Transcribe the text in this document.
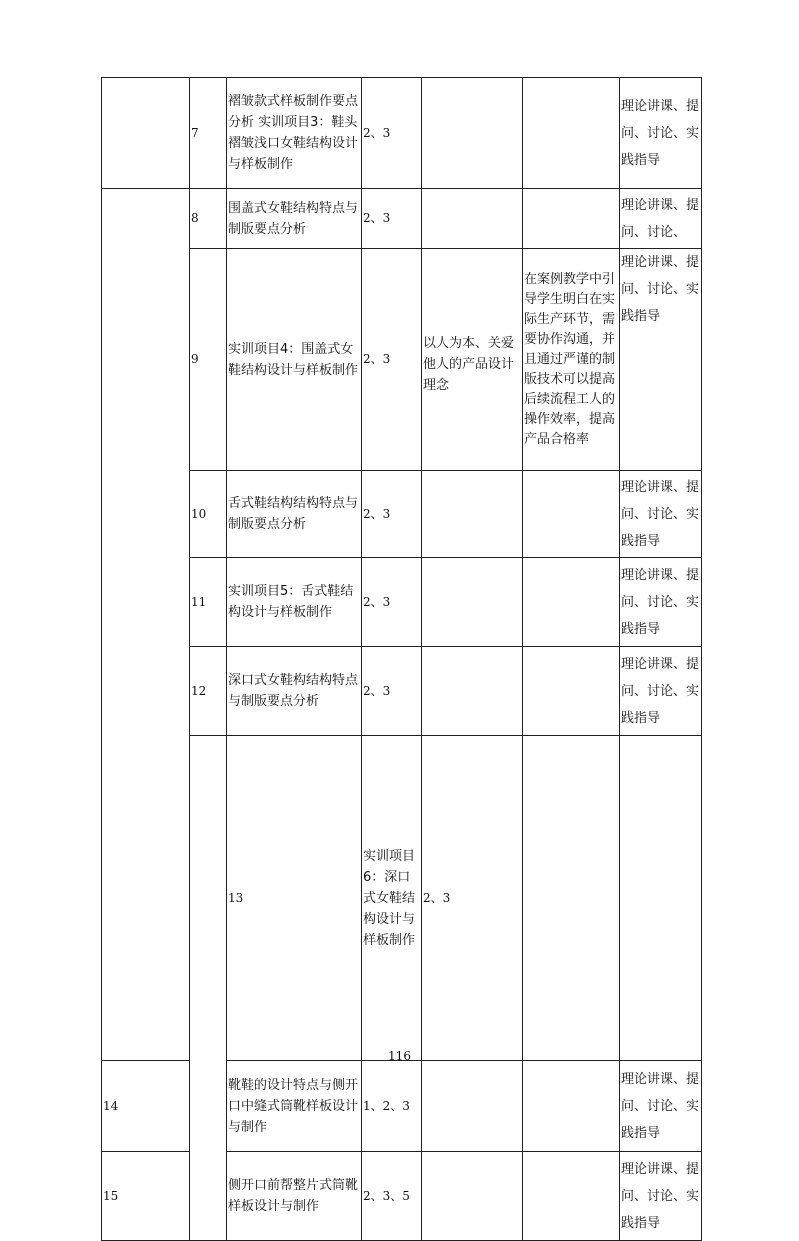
	7	褶皱款式样板制作要点分析 实训项目3：鞋头褶皱浅口女鞋结构设计与样板制作	2、3			理论讲课、提问、讨论、实践指导	
	8	围盖式女鞋结构特点与制版要点分析	2、3			理论讲课、提问、讨论、	
	9	实训项目4：围盖式女鞋结构设计与样板制作	2、3	以人为本、关爱他人的产品设计理念	在案例教学中引导学生明白在实际生产环节，需要协作沟通，并且通过严谨的制版技术可以提高后续流程工人的操作效率，提高产品合格率	理论讲课、提问、讨论、实践指导	
	10	舌式鞋结构结构特点与制版要点分析	2、3			理论讲课、提问、讨论、实践指导	
	11	实训项目5：舌式鞋结构设计与样板制作	2、3			理论讲课、提问、讨论、实践指导	
	12	深口式女鞋构结构特点与制版要点分析	2、3			理论讲课、提问、讨论、实践指导	
		13	实训项目6：深口式女鞋结构设计与样板制作	2、3			
14		靴鞋的设计特点与侧开口中缝式筒靴样板设计与制作	1、2、3			理论讲课、提问、讨论、实践指导	
15		侧开口前帮整片式筒靴样板设计与制作	2、3、5			理论讲课、提问、讨论、实践指导	
116
